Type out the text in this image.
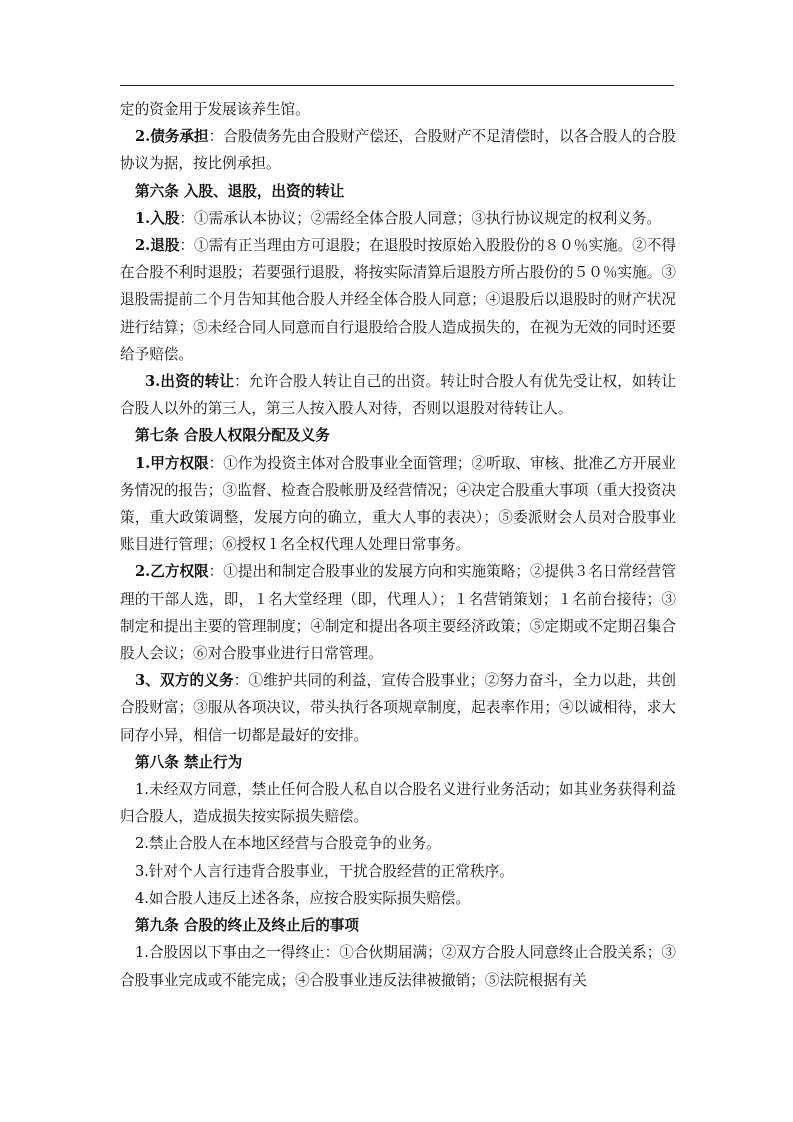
定的资金用于发展该养生馆。

2.债务承担：合股债务先由合股财产偿还，合股财产不足清偿时，以各合股人的合股协议为据，按比例承担。

第六条 入股、退股，出资的转让

1.入股：①需承认本协议；②需经全体合股人同意；③执行协议规定的权利义务。

2.退股：①需有正当理由方可退股；在退股时按原始入股股份的８０％实施。②不得在合股不利时退股；若要强行退股，将按实际清算后退股方所占股份的５０％实施。③退股需提前二个月告知其他合股人并经全体合股人同意；④退股后以退股时的财产状况进行结算；⑤未经合同人同意而自行退股给合股人造成损失的，在视为无效的同时还要给予赔偿。

3.出资的转让：允许合股人转让自己的出资。转让时合股人有优先受让权，如转让合股人以外的第三人，第三人按入股人对待，否则以退股对待转让人。

第七条 合股人权限分配及义务

1.甲方权限：①作为投资主体对合股事业全面管理；②听取、审核、批准乙方开展业务情况的报告；③监督、检查合股帐册及经营情况；④决定合股重大事项（重大投资决策，重大政策调整，发展方向的确立，重大人事的表决）；⑤委派财会人员对合股事业账目进行管理；⑥授权１名全权代理人处理日常事务。

2.乙方权限：①提出和制定合股事业的发展方向和实施策略；②提供３名日常经营管理的干部人选，即，１名大堂经理（即，代理人）；１名营销策划；１名前台接待；③制定和提出主要的管理制度；④制定和提出各项主要经济政策；⑤定期或不定期召集合股人会议；⑥对合股事业进行日常管理。

3、双方的义务：①维护共同的利益，宣传合股事业；②努力奋斗，全力以赴，共创合股财富；③服从各项决议，带头执行各项规章制度，起表率作用；④以诚相待，求大同存小异，相信一切都是最好的安排。

第八条 禁止行为

1.未经双方同意，禁止任何合股人私自以合股名义进行业务活动；如其业务获得利益归合股人，造成损失按实际损失赔偿。

2.禁止合股人在本地区经营与合股竞争的业务。

3.针对个人言行违背合股事业，干扰合股经营的正常秩序。

4.如合股人违反上述各条，应按合股实际损失赔偿。

第九条 合股的终止及终止后的事项

1.合股因以下事由之一得终止：①合伙期届满；②双方合股人同意终止合股关系；③合股事业完成或不能完成；④合股事业违反法律被撤销；⑤法院根据有关
